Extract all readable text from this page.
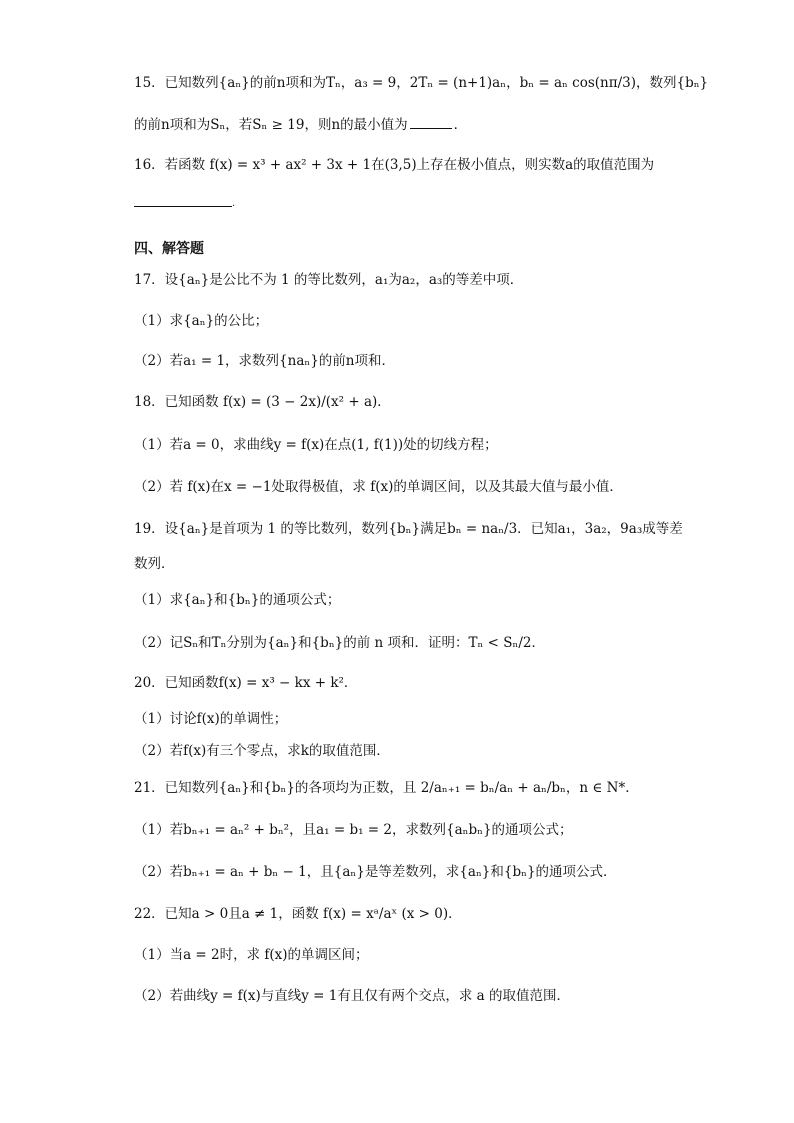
15．已知数列{aₙ}的前n项和为Tₙ，a₃ = 9，2Tₙ = (n+1)aₙ，bₙ = aₙ cos(nπ/3)，数列{bₙ}
的前n项和为Sₙ，若Sₙ ≥ 19，则n的最小值为	．
16．若函数 f(x) = x³ + ax² + 3x + 1在(3,5)上存在极小值点，则实数a的取值范围为
.
四、解答题
17．设{aₙ}是公比不为 1 的等比数列，a₁为a₂，a₃的等差中项．
（1）求{aₙ}的公比；
（2）若a₁ = 1，求数列{naₙ}的前n项和．
18．已知函数 f(x) = (3 − 2x)/(x² + a)．
（1）若a = 0，求曲线y = f(x)在点(1, f(1))处的切线方程；
（2）若 f(x)在x = −1处取得极值，求 f(x)的单调区间，以及其最大值与最小值．
19．设{aₙ}是首项为 1 的等比数列，数列{bₙ}满足bₙ = naₙ/3．已知a₁，3a₂，9a₃成等差
数列．
（1）求{aₙ}和{bₙ}的通项公式；
（2）记Sₙ和Tₙ分别为{aₙ}和{bₙ}的前 n 项和．证明：Tₙ < Sₙ/2．
20．已知函数f(x) = x³ − kx + k²．
（1）讨论f(x)的单调性；
（2）若f(x)有三个零点，求k的取值范围．
21．已知数列{aₙ}和{bₙ}的各项均为正数，且 2/aₙ₊₁ = bₙ/aₙ + aₙ/bₙ，n ∈ N*．
（1）若bₙ₊₁ = aₙ² + bₙ²，且a₁ = b₁ = 2，求数列{aₙbₙ}的通项公式；
（2）若bₙ₊₁ = aₙ + bₙ − 1，且{aₙ}是等差数列，求{aₙ}和{bₙ}的通项公式．
22．已知a > 0且a ≠ 1，函数 f(x) = xᵃ/aˣ (x > 0)．
（1）当a = 2时，求 f(x)的单调区间；
（2）若曲线y = f(x)与直线y = 1有且仅有两个交点，求 a 的取值范围．
